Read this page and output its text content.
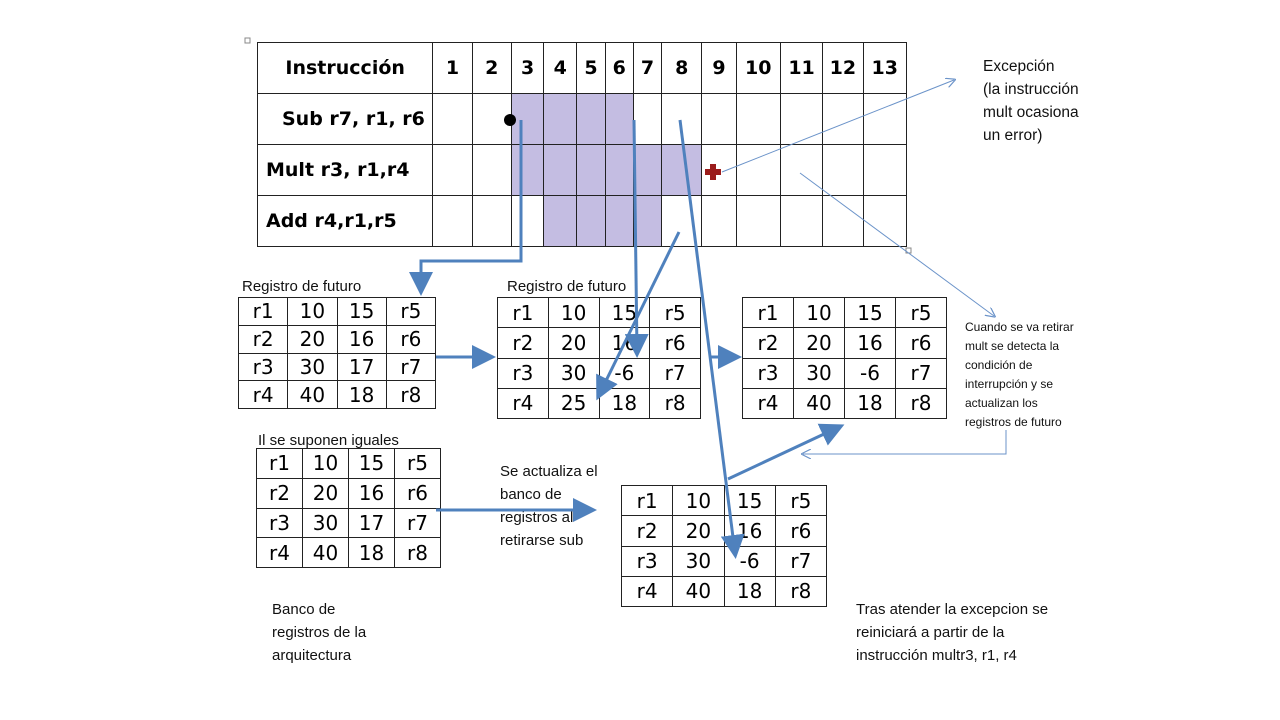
Instrucción	1	2	3	4	5	6	7	8	9	10	11	12	13
Sub r7, r1, r6													
Mult r3, r1,r4													
Add r4,r1,r5													
Registro de futuro	Registro de futuro
Il se suponen iguales
Excepción
(la instrucción
mult ocasiona
un error)
Cuando se va retirar
mult se detecta la
condición de
interrupción y se
actualizan los
registros de futuro
Se actualiza el
banco de
registros al
retirarse sub
Banco de
registros de la
arquitectura
Tras atender la excepcion se
reiniciará a partir de la
instrucción multr3, r1, r4
r1	10	15	r5
r2	20	16	r6
r3	30	17	r7
r4	40	18	r8
r1	10	15	r5
r2	20	16	r6
r3	30	-6	r7
r4	25	18	r8
r1	10	15	r5
r2	20	16	r6
r3	30	-6	r7
r4	40	18	r8
r1	10	15	r5
r2	20	16	r6
r3	30	17	r7
r4	40	18	r8
r1	10	15	r5
r2	20	16	r6
r3	30	-6	r7
r4	40	18	r8
